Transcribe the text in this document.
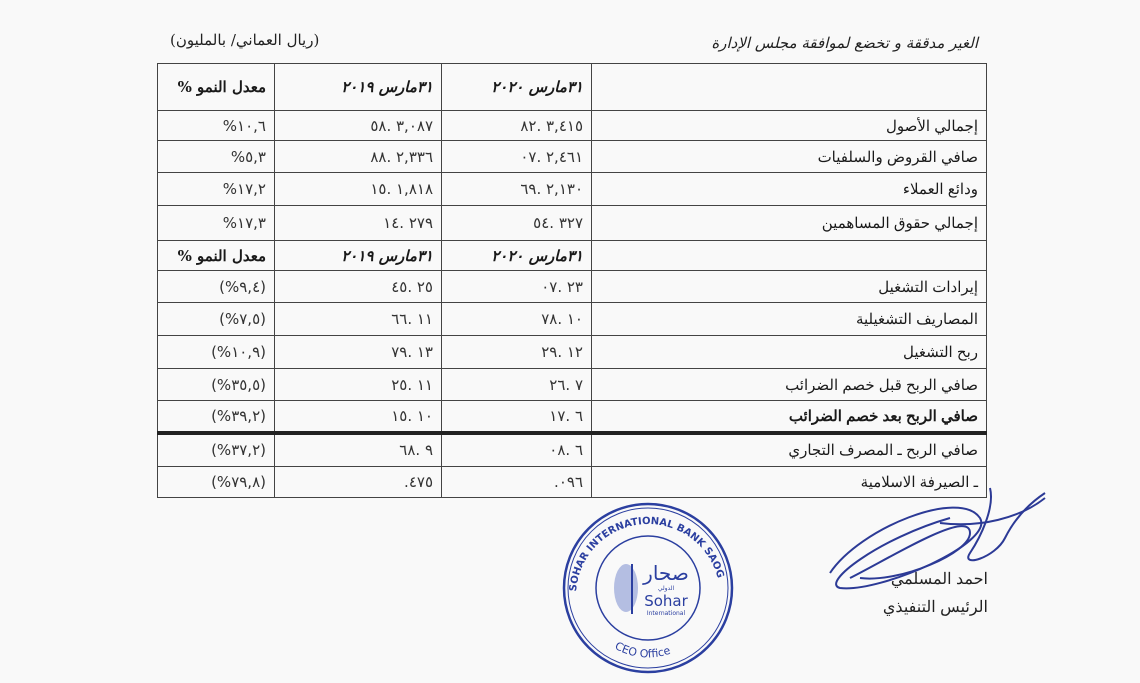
الغير مدققة و تخضع لموافقة مجلس الإدارة
(ريال العماني/ بالمليون)
	٣١مارس ٢٠٢٠	٣١مارس ٢٠١٩	معدل النمو %
إجمالي الأصول	٣,٤١٥ .٨٢	٣,٠٨٧ .٥٨	%١٠,٦
صافي القروض والسلفيات	٢,٤٦١ .٠٧	٢,٣٣٦ .٨٨	%٥,٣
ودائع العملاء	٢,١٣٠ .٦٩	١,٨١٨ .١٥	%١٧,٢
إجمالي حقوق المساهمين	٣٢٧ .٥٤	٢٧٩ .١٤	%١٧,٣
	٣١مارس ٢٠٢٠	٣١مارس ٢٠١٩	معدل النمو %
إيرادات التشغيل	٢٣ .٠٧	٢٥ .٤٥	(%٩,٤)
المصاريف التشغيلية	١٠ .٧٨	١١ .٦٦	(%٧,٥)
ربح التشغيل	١٢ .٢٩	١٣ .٧٩	(%١٠,٩)
صافي الربح قبل خصم الضرائب	٧ .٢٦	١١ .٢٥	(%٣٥,٥)
صافي الربح بعد خصم الضرائب	٦ .١٧	١٠ .١٥	(%٣٩,٢)
صافي الربح ـ المصرف التجاري	٦ .٠٨	٩ .٦٨	(%٣٧,٢)
ـ الصيرفة الاسلامية	.٠٩٦	.٤٧٥	(%٧٩,٨)
SOHAR INTERNATIONAL BANK SAOG
CEO Office
صحار
الدولي
Sohar
International
احمد المسلمي
الرئيس التنفيذي
